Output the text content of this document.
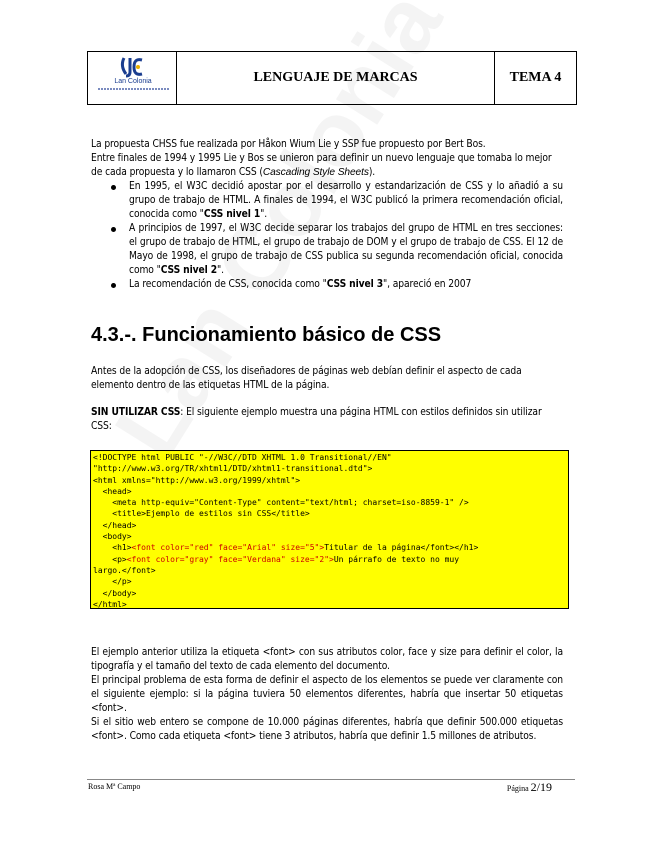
Lan Colonia	LENGUAJE DE MARCAS	TEMA 4

La propuesta CHSS fue realizada por Håkon Wium Lie y SSP fue propuesto por Bert Bos.

Entre finales de 1994 y 1995 Lie y Bos se unieron para definir un nuevo lenguaje que tomaba lo mejor de cada propuesta y lo llamaron CSS (Cascading Style Sheets).

En 1995, el W3C decidió apostar por el desarrollo y estandarización de CSS y lo añadió a su grupo de trabajo de HTML. A finales de 1994, el W3C publicó la primera recomendación oficial, conocida como "CSS nivel 1".
A principios de 1997, el W3C decide separar los trabajos del grupo de HTML en tres secciones: el grupo de trabajo de HTML, el grupo de trabajo de DOM y el grupo de trabajo de CSS. El 12 de Mayo de 1998, el grupo de trabajo de CSS publica su segunda recomendación oficial, conocida como "CSS nivel 2".
La recomendación de CSS, conocida como "CSS nivel 3", apareció en 2007
4.3.-. Funcionamiento básico de CSS

Antes de la adopción de CSS, los diseñadores de páginas web debían definir el aspecto de cada elemento dentro de las etiquetas HTML de la página.

SIN UTILIZAR CSS: El siguiente ejemplo muestra una página HTML con estilos definidos sin utilizar CSS:

<!DOCTYPE html PUBLIC "-//W3C//DTD XHTML 1.0 Transitional//EN"
"http://www.w3.org/TR/xhtml1/DTD/xhtml1-transitional.dtd">
<html xmlns="http://www.w3.org/1999/xhtml">
<head>
<meta http-equiv="Content-Type" content="text/html; charset=iso-8859-1" />
<title>Ejemplo de estilos sin CSS</title>
</head>
<body>
<h1><font color="red" face="Arial" size="5">Titular de la página</font></h1>
<p><font color="gray" face="Verdana" size="2">Un párrafo de texto no muy
largo.</font>
</p>
</body>
</html>

El ejemplo anterior utiliza la etiqueta <font> con sus atributos color, face y size para definir el color, la tipografía y el tamaño del texto de cada elemento del documento.

El principal problema de esta forma de definir el aspecto de los elementos se puede ver claramente con el siguiente ejemplo: si la página tuviera 50 elementos diferentes, habría que insertar 50 etiquetas <font>.

Si el sitio web entero se compone de 10.000 páginas diferentes, habría que definir 500.000 etiquetas <font>. Como cada etiqueta <font> tiene 3 atributos, habría que definir 1.5 millones de atributos.

Rosa Mª Campo	Página 2/19
